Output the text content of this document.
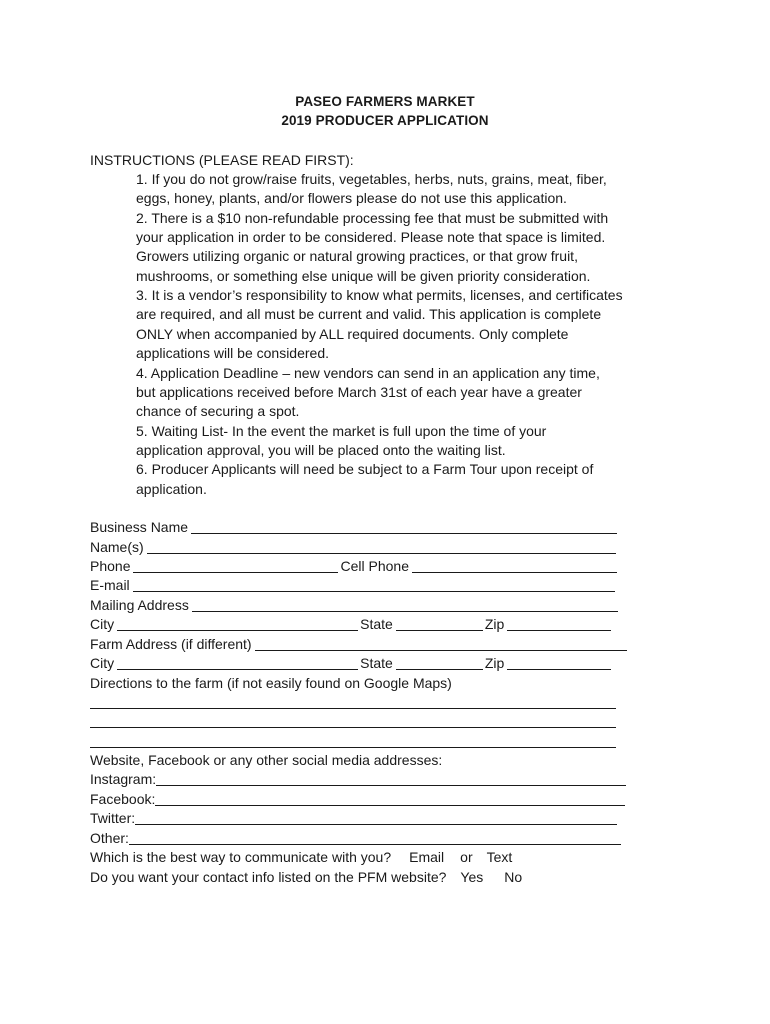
PASEO FARMERS MARKET
2019 PRODUCER APPLICATION
INSTRUCTIONS (PLEASE READ FIRST):
1. If you do not grow/raise fruits, vegetables, herbs, nuts, grains, meat, fiber,
eggs, honey, plants, and/or flowers please do not use this application.
2. There is a $10 non-refundable processing fee that must be submitted with
your application in order to be considered. Please note that space is limited.
Growers utilizing organic or natural growing practices, or that grow fruit,
mushrooms, or something else unique will be given priority consideration.
3. It is a vendor’s responsibility to know what permits, licenses, and certificates
are required, and all must be current and valid. This application is complete
ONLY when accompanied by ALL required documents. Only complete
applications will be considered.
4. Application Deadline – new vendors can send in an application any time,
but applications received before March 31st of each year have a greater
chance of securing a spot.
5. Waiting List- In the event the market is full upon the time of your
application approval, you will be placed onto the waiting list.
6. Producer Applicants will need be subject to a Farm Tour upon receipt of
application.
Business Name
Name(s)
Phone	Cell Phone
E-mail
Mailing Address
City	State	Zip
Farm Address (if different)
City	State	Zip
Directions to the farm (if not easily found on Google Maps)
Website, Facebook or any other social media addresses:
Instagram:
Facebook:
Twitter:
Other:
Which is the best way to communicate with you? Email or Text
Do you want your contact info listed on the PFM website? Yes No
